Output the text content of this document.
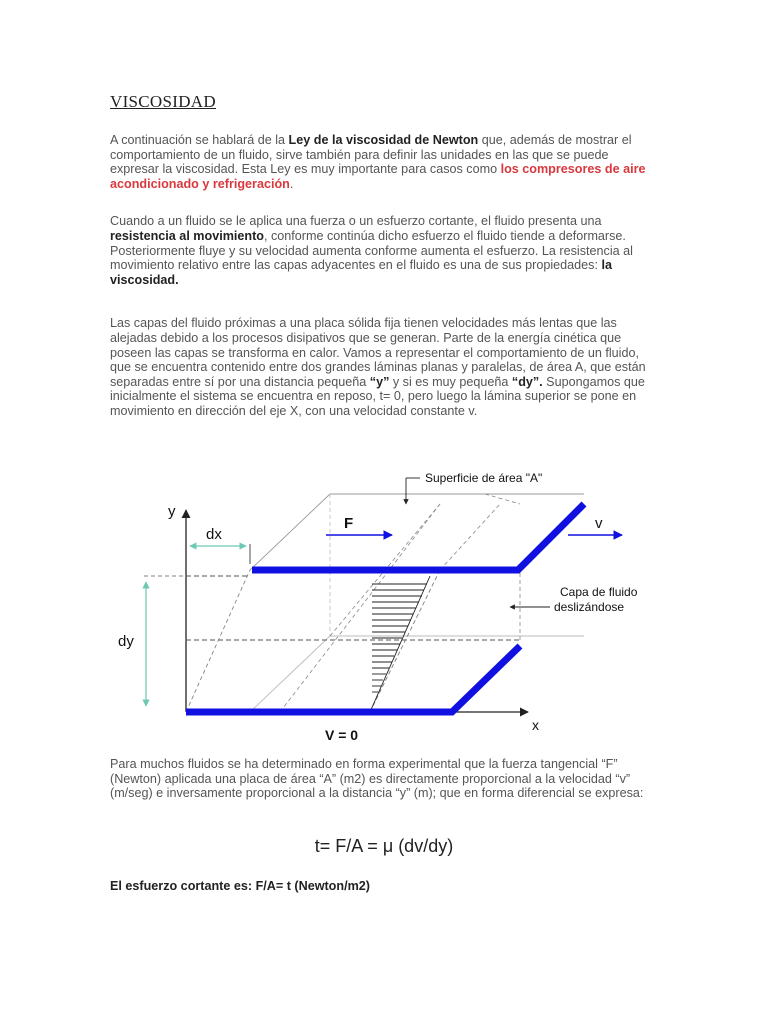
VISCOSIDAD

A continuación se hablará de la Ley de la viscosidad de Newton que, además de mostrar el comportamiento de un fluido, sirve también para definir las unidades en las que se puede expresar la viscosidad. Esta Ley es muy importante para casos como los compresores de aire acondicionado y refrigeración.

Cuando a un fluido se le aplica una fuerza o un esfuerzo cortante, el fluido presenta una resistencia al movimiento, conforme continúa dicho esfuerzo el fluido tiende a deformarse. Posteriormente fluye y su velocidad aumenta conforme aumenta el esfuerzo. La resistencia al movimiento relativo entre las capas adyacentes en el fluido es una de sus propiedades: la viscosidad.

Las capas del fluido próximas a una placa sólida fija tienen velocidades más lentas que las alejadas debido a los procesos disipativos que se generan. Parte de la energía cinética que poseen las capas se transforma en calor. Vamos a representar el comportamiento de un fluido, que se encuentra contenido entre dos grandes láminas planas y paralelas, de área A, que están separadas entre sí por una distancia pequeña “y” y si es muy pequeña “dy”. Supongamos que inicialmente el sistema se encuentra en reposo, t= 0, pero luego la lámina superior se pone en movimiento en dirección del eje X, con una velocidad constante v.

dx
dy
y
x
F	v
Superficie de área "A"
Capa de fluido
deslizándose
V = 0

Para muchos fluidos se ha determinado en forma experimental que la fuerza tangencial “F” (Newton) aplicada una placa de área “A” (m2) es directamente proporcional a la velocidad “v” (m/seg) e inversamente proporcional a la distancia “y” (m); que en forma diferencial se expresa:

t= F/A = μ (dv/dy)
El esfuerzo cortante es: F/A= t (Newton/m2)
